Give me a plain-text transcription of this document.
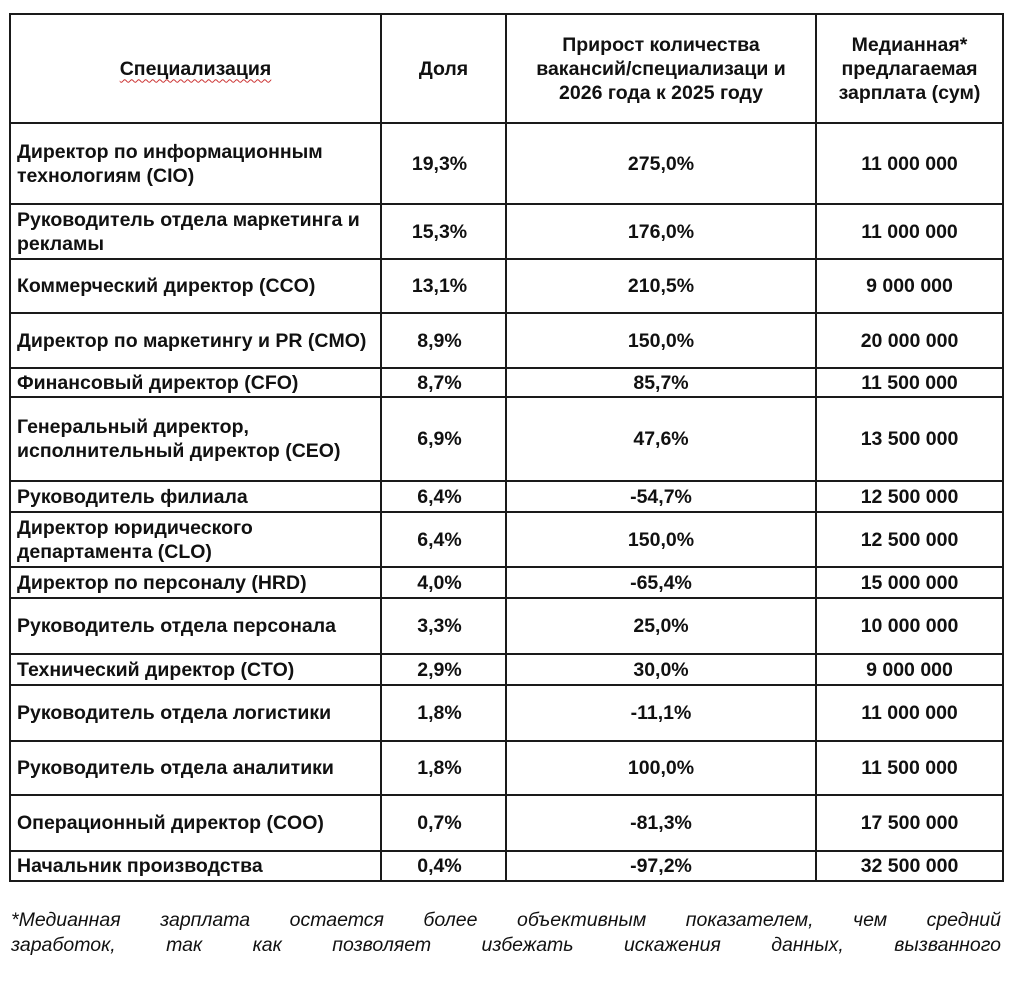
Специализация	Доля	Прирост количества вакансий/специализаци и 2026 года к 2025 году	Медианная* предлагаемая зарплата (сум)
Директор по информационным технологиям (CIO)	19,3%	275,0%	11 000 000
Руководитель отдела маркетинга и рекламы	15,3%	176,0%	11 000 000
Коммерческий директор (CCO)	13,1%	210,5%	9 000 000
Директор по маркетингу и PR (CMO)	8,9%	150,0%	20 000 000
Финансовый директор (CFO)	8,7%	85,7%	11 500 000
Генеральный директор, исполнительный директор (CEO)	6,9%	47,6%	13 500 000
Руководитель филиала	6,4%	-54,7%	12 500 000
Директор юридического департамента (CLO)	6,4%	150,0%	12 500 000
Директор по персоналу (HRD)	4,0%	-65,4%	15 000 000
Руководитель отдела персонала	3,3%	25,0%	10 000 000
Технический директор (CTO)	2,9%	30,0%	9 000 000
Руководитель отдела логистики	1,8%	-11,1%	11 000 000
Руководитель отдела аналитики	1,8%	100,0%	11 500 000
Операционный директор (COO)	0,7%	-81,3%	17 500 000
Начальник производства	0,4%	-97,2%	32 500 000

*Медианная зарплата остается более объективным показателем, чем средний

заработок, так как позволяет избежать искажения данных, вызванного
